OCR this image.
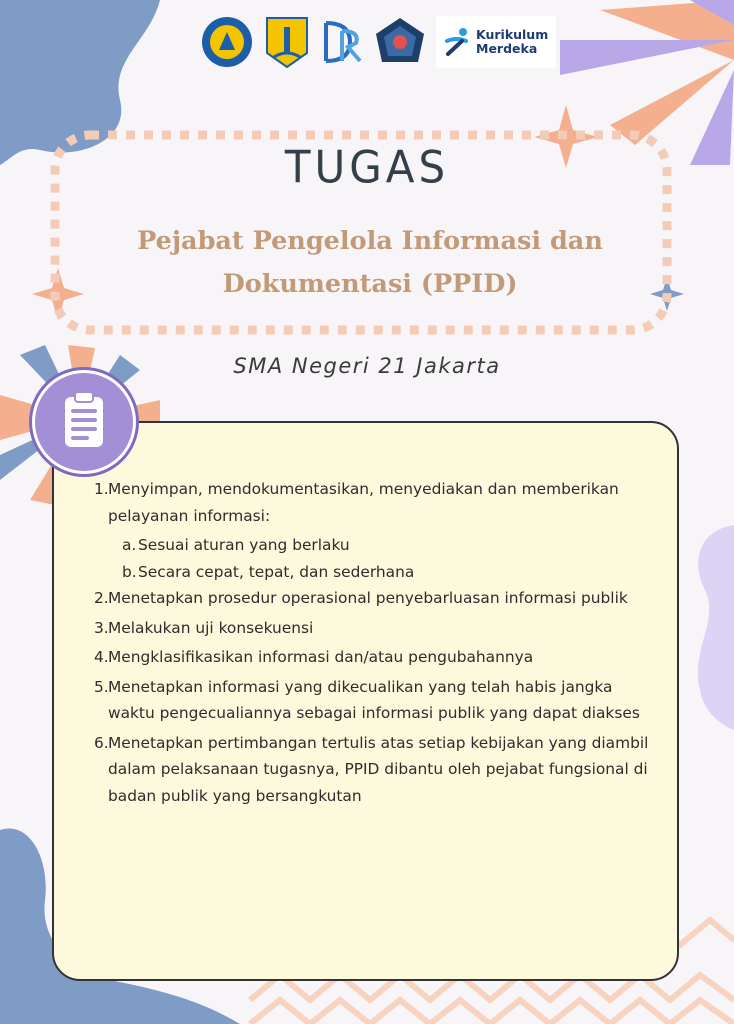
Kurikulum
Merdeka
TUGAS
Pejabat Pengelola Informasi dan
Dokumentasi (PPID)
SMA Negeri 21 Jakarta
1. Menyimpan, mendokumentasikan, menyediakan dan memberikan pelayanan informasi:
a. Sesuai aturan yang berlaku
b. Secara cepat, tepat, dan sederhana
2. Menetapkan prosedur operasional penyebarluasan informasi publik
3. Melakukan uji konsekuensi
4. Mengklasifikasikan informasi dan/atau pengubahannya
5. Menetapkan informasi yang dikecualikan yang telah habis jangka waktu pengecualiannya sebagai informasi publik yang dapat diakses
6. Menetapkan pertimbangan tertulis atas setiap kebijakan yang diambil dalam pelaksanaan tugasnya, PPID dibantu oleh pejabat fungsional di badan publik yang bersangkutan
